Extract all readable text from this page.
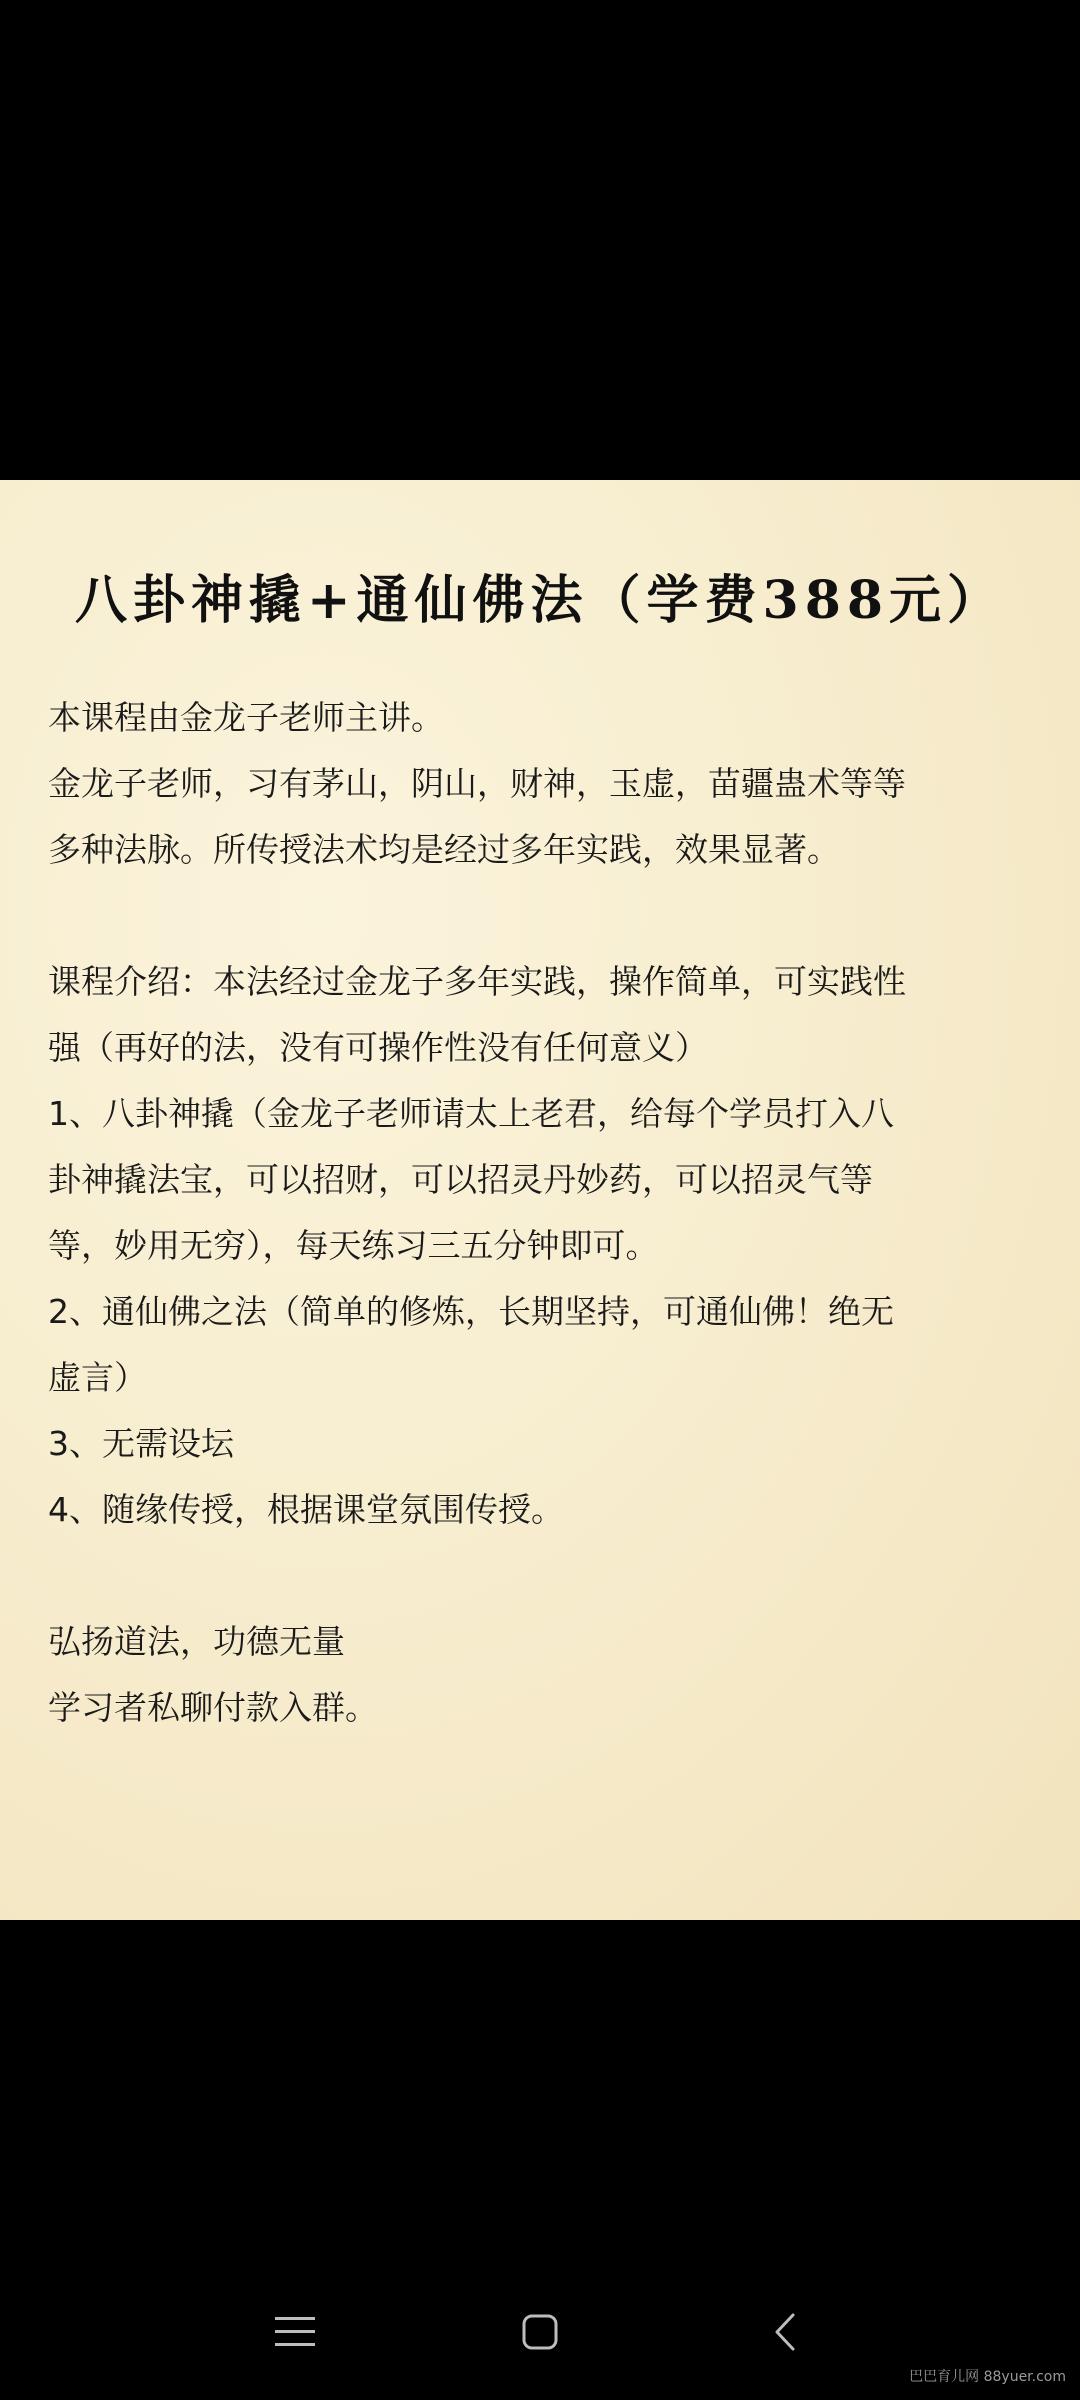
八卦神撬+通仙佛法（学费388元）
本课程由金龙子老师主讲。
金龙子老师，习有茅山，阴山，财神，玉虚，苗疆蛊术等等
多种法脉。所传授法术均是经过多年实践，效果显著。
课程介绍：本法经过金龙子多年实践，操作简单，可实践性
强（再好的法，没有可操作性没有任何意义）
1、八卦神撬（金龙子老师请太上老君，给每个学员打入八
卦神撬法宝，可以招财，可以招灵丹妙药，可以招灵气等
等，妙用无穷），每天练习三五分钟即可。
2、通仙佛之法（简单的修炼，长期坚持，可通仙佛！绝无
虚言）
3、无需设坛
4、随缘传授，根据课堂氛围传授。
弘扬道法，功德无量
学习者私聊付款入群。
巴巴育儿网 88yuer.com
